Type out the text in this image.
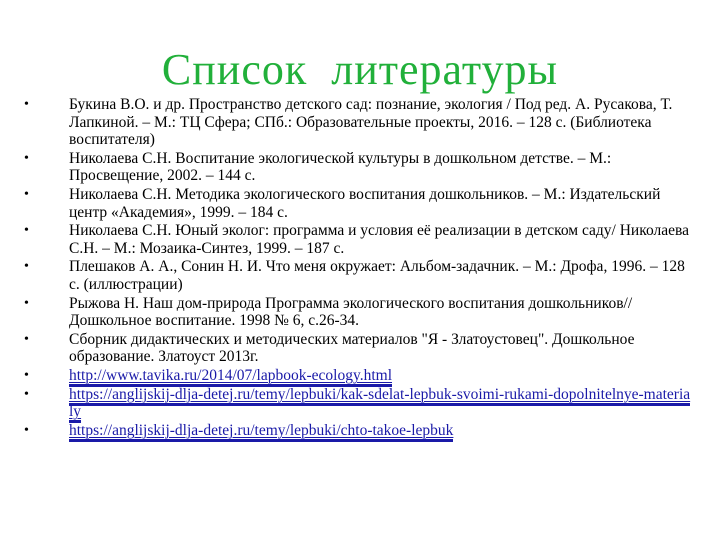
Список  литературы
•	Букина В.О. и др. Пространство детского сад: познание, экология / Под ред. А. Русакова, Т. Лапкиной. – М.: ТЦ Сфера; СПб.: Образовательные проекты, 2016. – 128 с. (Библиотека воспитателя)
•	Николаева С.Н. Воспитание экологической культуры в дошкольном детстве. – М.: Просвещение, 2002. – 144 с.
•	Николаева С.Н. Методика экологического воспитания дошкольников. – М.: Издательский центр «Академия», 1999. – 184 с.
•	Николаева С.Н. Юный эколог: программа и условия её реализации в детском саду/ Николаева С.Н. – М.: Мозаика-Синтез, 1999. – 187 с.
•	Плешаков А. А., Сонин Н. И. Что меня окружает: Альбом-задачник. – М.: Дрофа, 1996. – 128 с. (иллюстрации)
•	Рыжова Н. Наш дом-природа Программа экологического воспитания дошкольников//Дошкольное воспитание. 1998 № 6, с.26-34.
•	Сборник дидактических и методических материалов "Я - Златоустовец". Дошкольное образование. Златоуст 2013г.
•	http://www.tavika.ru/2014/07/lapbook-ecology.html
•	https://anglijskij-dlja-detej.ru/temy/lepbuki/kak-sdelat-lepbuk-svoimi-rukami-dopolnitelnye-materialy
•	https://anglijskij-dlja-detej.ru/temy/lepbuki/chto-takoe-lepbuk
